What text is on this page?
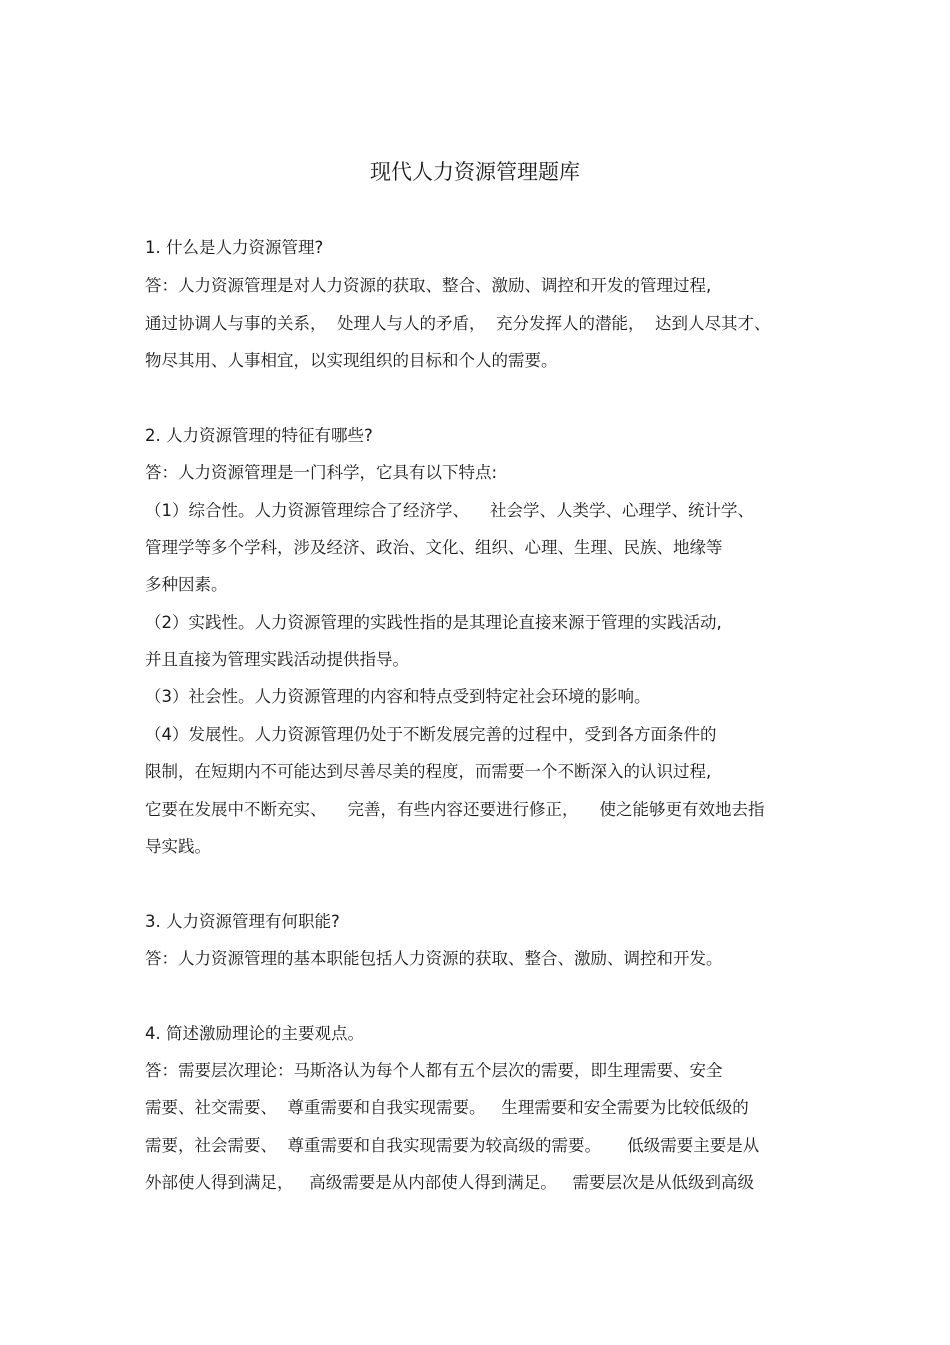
现代人力资源管理题库
1. 什么是人力资源管理?
答：人力资源管理是对人力资源的获取、整合、激励、调控和开发的管理过程,
通过协调人与事的关系，  处理人与人的矛盾，  充分发挥人的潜能，  达到人尽其才、
物尽其用、人事相宜，以实现组织的目标和个人的需要。
2. 人力资源管理的特征有哪些?
答：人力资源管理是一门科学，它具有以下特点:
（1）综合性。人力资源管理综合了经济学、    社会学、人类学、心理学、统计学、
管理学等多个学科，涉及经济、政治、文化、组织、心理、生理、民族、地缘等
多种因素。
（2）实践性。人力资源管理的实践性指的是其理论直接来源于管理的实践活动,
并且直接为管理实践活动提供指导。
（3）社会性。人力资源管理的内容和特点受到特定社会环境的影响。
（4）发展性。人力资源管理仍处于不断发展完善的过程中，受到各方面条件的
限制，在短期内不可能达到尽善尽美的程度，而需要一个不断深入的认识过程,
它要在发展中不断充实、    完善，有些内容还要进行修正，    使之能够更有效地去指
导实践。
3. 人力资源管理有何职能?
答：人力资源管理的基本职能包括人力资源的获取、整合、激励、调控和开发。
4. 简述激励理论的主要观点。
答：需要层次理论：马斯洛认为每个人都有五个层次的需要，即生理需要、安全
需要、社交需要、  尊重需要和自我实现需要。   生理需要和安全需要为比较低级的
需要，社会需要、  尊重需要和自我实现需要为较高级的需要。     低级需要主要是从
外部使人得到满足，   高级需要是从内部使人得到满足。   需要层次是从低级到高级
